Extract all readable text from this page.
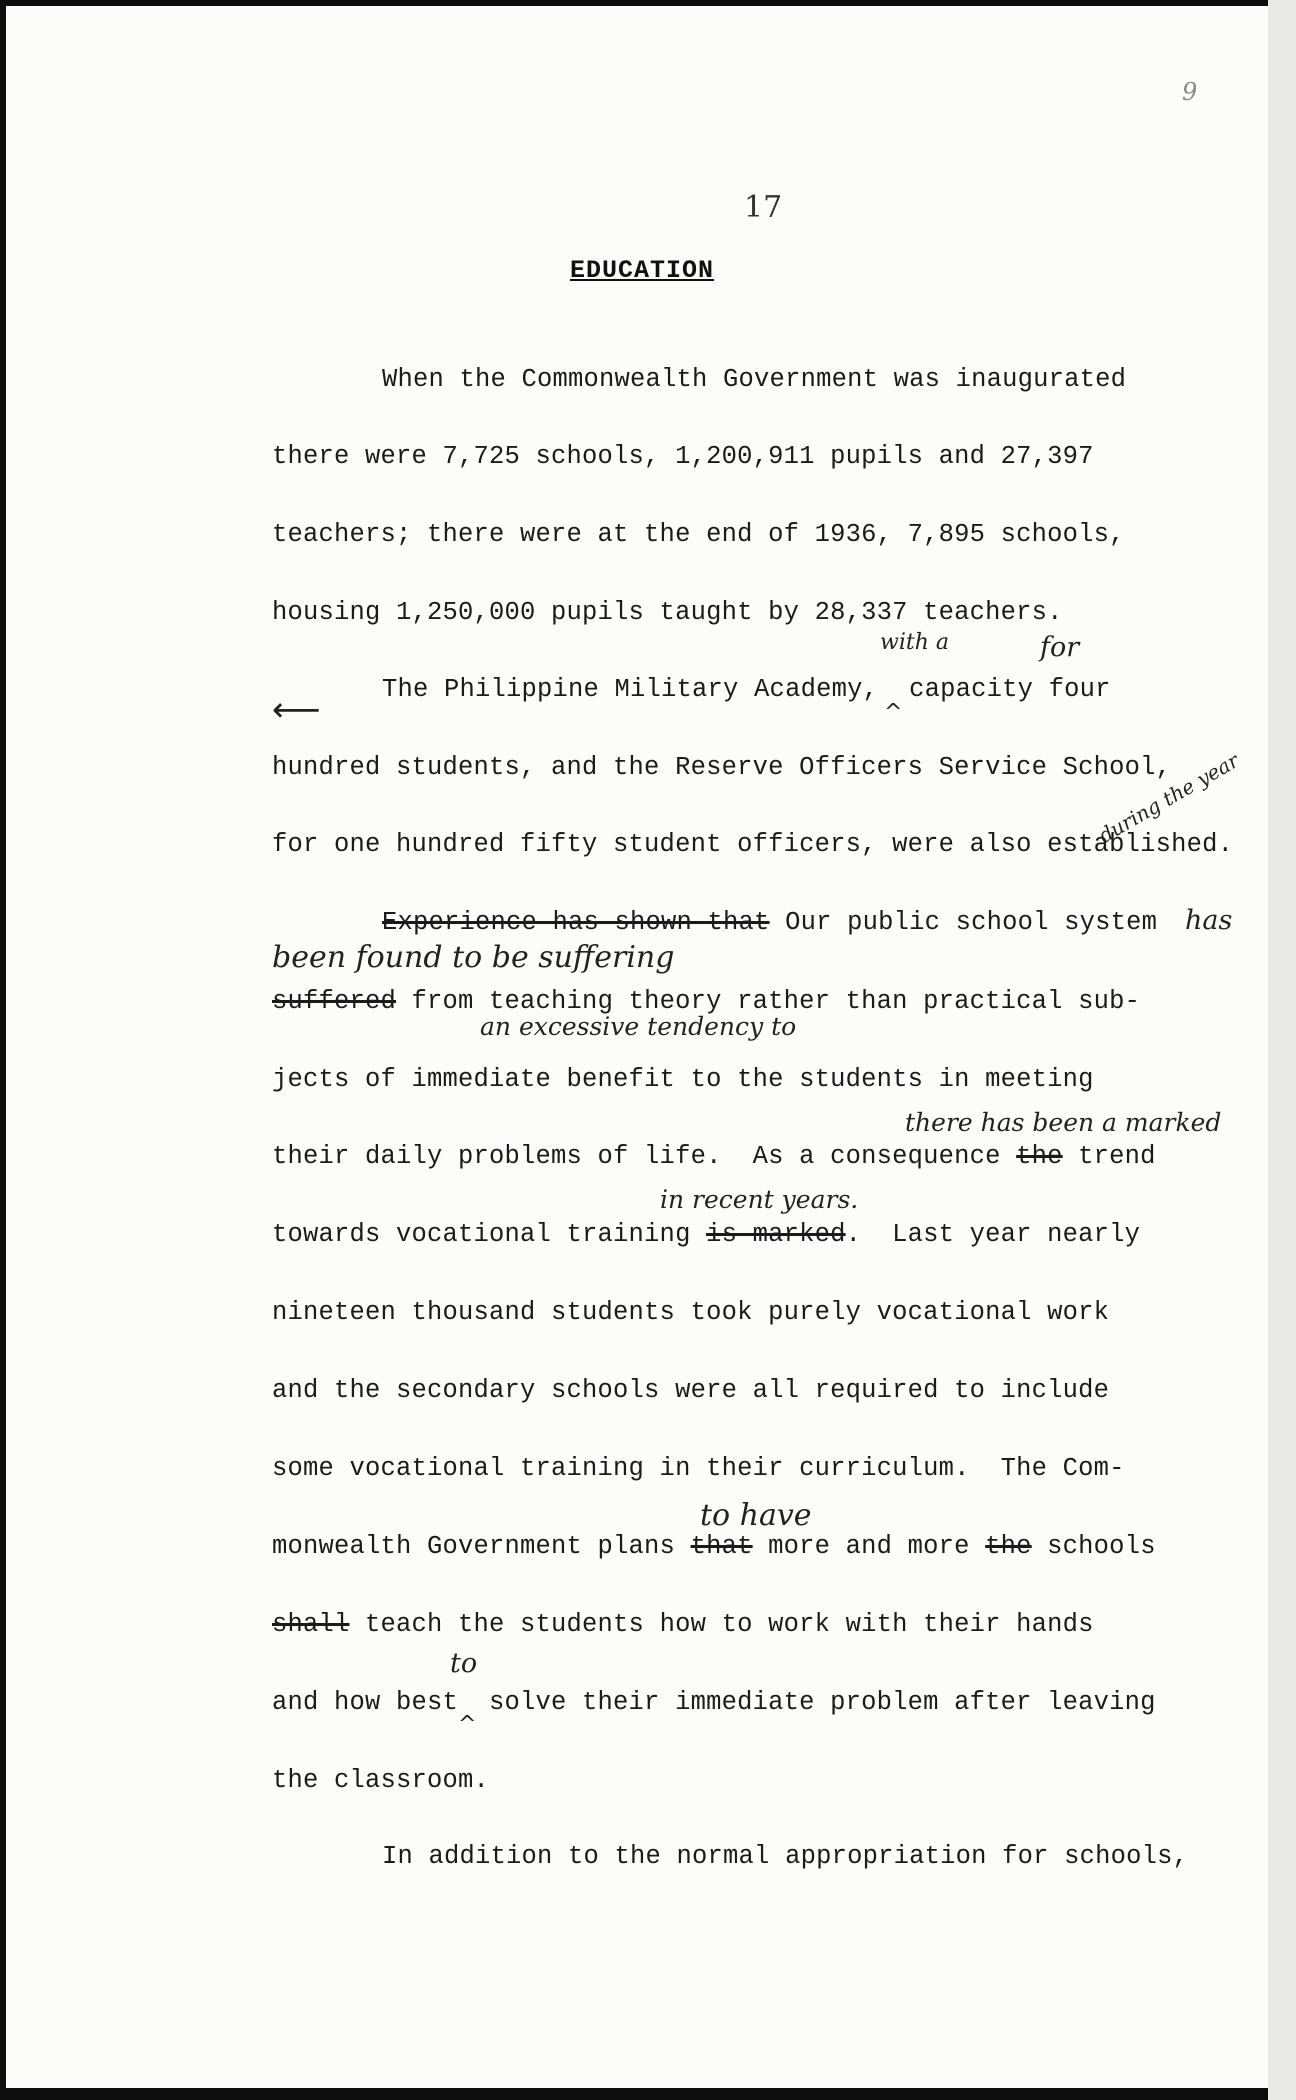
9
17
EDUCATION
When the Commonwealth Government was inaugurated
there were 7,725 schools, 1,200,911 pupils and 27,397
teachers; there were at the end of 1936, 7,895 schools,
housing 1,250,000 pupils taught by 28,337 teachers.
⟵
The Philippine Military Academy,  capacity four
with a
^
for
hundred students, and the Reserve Officers Service School,
during the year
for one hundred fifty student officers, were also established.
Experience has shown that Our public school system has
been found to be suffering
suffered from teaching theory rather than practical sub-
an excessive tendency to
jects of immediate benefit to the students in meeting
there has been a marked
their daily problems of life.  As a consequence the trend
in recent years.
towards vocational training is marked.  Last year nearly
nineteen thousand students took purely vocational work
and the secondary schools were all required to include
some vocational training in their curriculum.  The Com-
to have
monwealth Government plans that more and more the schools
shall teach the students how to work with their hands
to
and how best  solve their immediate problem after leaving
^
the classroom.
In addition to the normal appropriation for schools,
